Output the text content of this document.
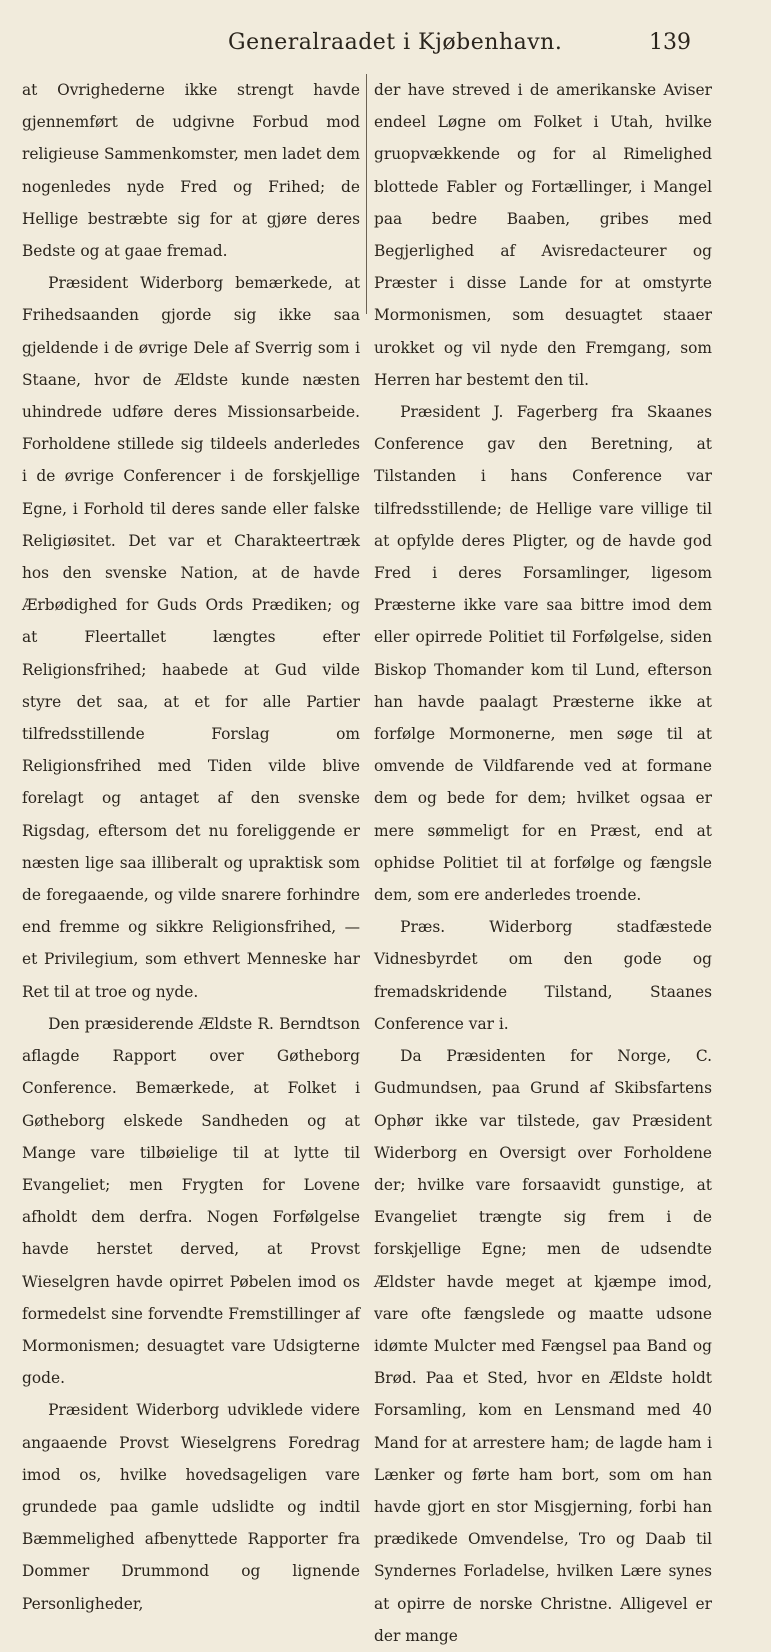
Generalraadet i Kjøbenhavn.	139

at Ovrighederne ikke strengt havde gjennemført de udgivne Forbud mod religieuse Sammenkomster, men ladet dem nogenledes nyde Fred og Frihed; de Hellige bestræbte sig for at gjøre deres Bedste og at gaae fremad.

Præsident Widerborg bemærkede, at Frihedsaanden gjorde sig ikke saa gjeldende i de øvrige Dele af Sverrig som i Staane, hvor de Ældste kunde næsten uhindrede udføre deres Missionsarbeide. Forholdene stillede sig tildeels anderledes i de øvrige Conferencer i de forskjellige Egne, i Forhold til deres sande eller falske Religiøsitet. Det var et Charakteertræk hos den svenske Nation, at de havde Ærbødighed for Guds Ords Prædiken; og at Fleertallet længtes efter Religionsfrihed; haabede at Gud vilde styre det saa, at et for alle Partier tilfredsstillende Forslag om Religionsfrihed med Tiden vilde blive forelagt og antaget af den svenske Rigsdag, eftersom det nu foreliggende er næsten lige saa illiberalt og upraktisk som de foregaaende, og vilde snarere forhindre end fremme og sikkre Religionsfrihed, — et Privilegium, som ethvert Menneske har Ret til at troe og nyde.

Den præsiderende Ældste R. Berndtson aflagde Rapport over Gøtheborg Conference. Bemærkede, at Folket i Gøtheborg elskede Sandheden og at Mange vare tilbøielige til at lytte til Evangeliet; men Frygten for Lovene afholdt dem derfra. Nogen Forfølgelse havde herstet derved, at Provst Wieselgren havde opirret Pøbelen imod os formedelst sine forvendte Fremstillinger af Mormonismen; desuagtet vare Udsigterne gode.

Præsident Widerborg udviklede videre angaaende Provst Wieselgrens Foredrag imod os, hvilke hovedsageligen vare grundede paa gamle udslidte og indtil Bæmmelighed afbenyttede Rapporter fra Dommer Drummond og lignende Personligheder,

der have streved i de amerikanske Aviser endeel Løgne om Folket i Utah, hvilke gruopvækkende og for al Rimelighed blottede Fabler og Fortællinger, i Mangel paa bedre Baaben, gribes med Begjerlighed af Avisredacteurer og Præster i disse Lande for at omstyrte Mormonismen, som desuagtet staaer urokket og vil nyde den Fremgang, som Herren har bestemt den til.

Præsident J. Fagerberg fra Skaanes Conference gav den Beretning, at Tilstanden i hans Conference var tilfredsstillende; de Hellige vare villige til at opfylde deres Pligter, og de havde god Fred i deres Forsamlinger, ligesom Præsterne ikke vare saa bittre imod dem eller opirrede Politiet til Forfølgelse, siden Biskop Thomander kom til Lund, efterson han havde paalagt Præsterne ikke at forfølge Mormonerne, men søge til at omvende de Vildfarende ved at formane dem og bede for dem; hvilket ogsaa er mere sømmeligt for en Præst, end at ophidse Politiet til at forfølge og fængsle dem, som ere anderledes troende.

Præs. Widerborg stadfæstede Vidnesbyrdet om den gode og fremadskridende Tilstand, Staanes Conference var i.

Da Præsidenten for Norge, C. Gudmundsen, paa Grund af Skibsfartens Ophør ikke var tilstede, gav Præsident Widerborg en Oversigt over Forholdene der; hvilke vare forsaavidt gunstige, at Evangeliet trængte sig frem i de forskjellige Egne; men de udsendte Ældster havde meget at kjæmpe imod, vare ofte fængslede og maatte udsone idømte Mulcter med Fængsel paa Band og Brød. Paa et Sted, hvor en Ældste holdt Forsamling, kom en Lensmand med 40 Mand for at arrestere ham; de lagde ham i Lænker og førte ham bort, som om han havde gjort en stor Misgjerning, forbi han prædikede Omvendelse, Tro og Daab til Syndernes Forladelse, hvilken Lære synes at opirre de norske Christne. Alligevel er der mange
